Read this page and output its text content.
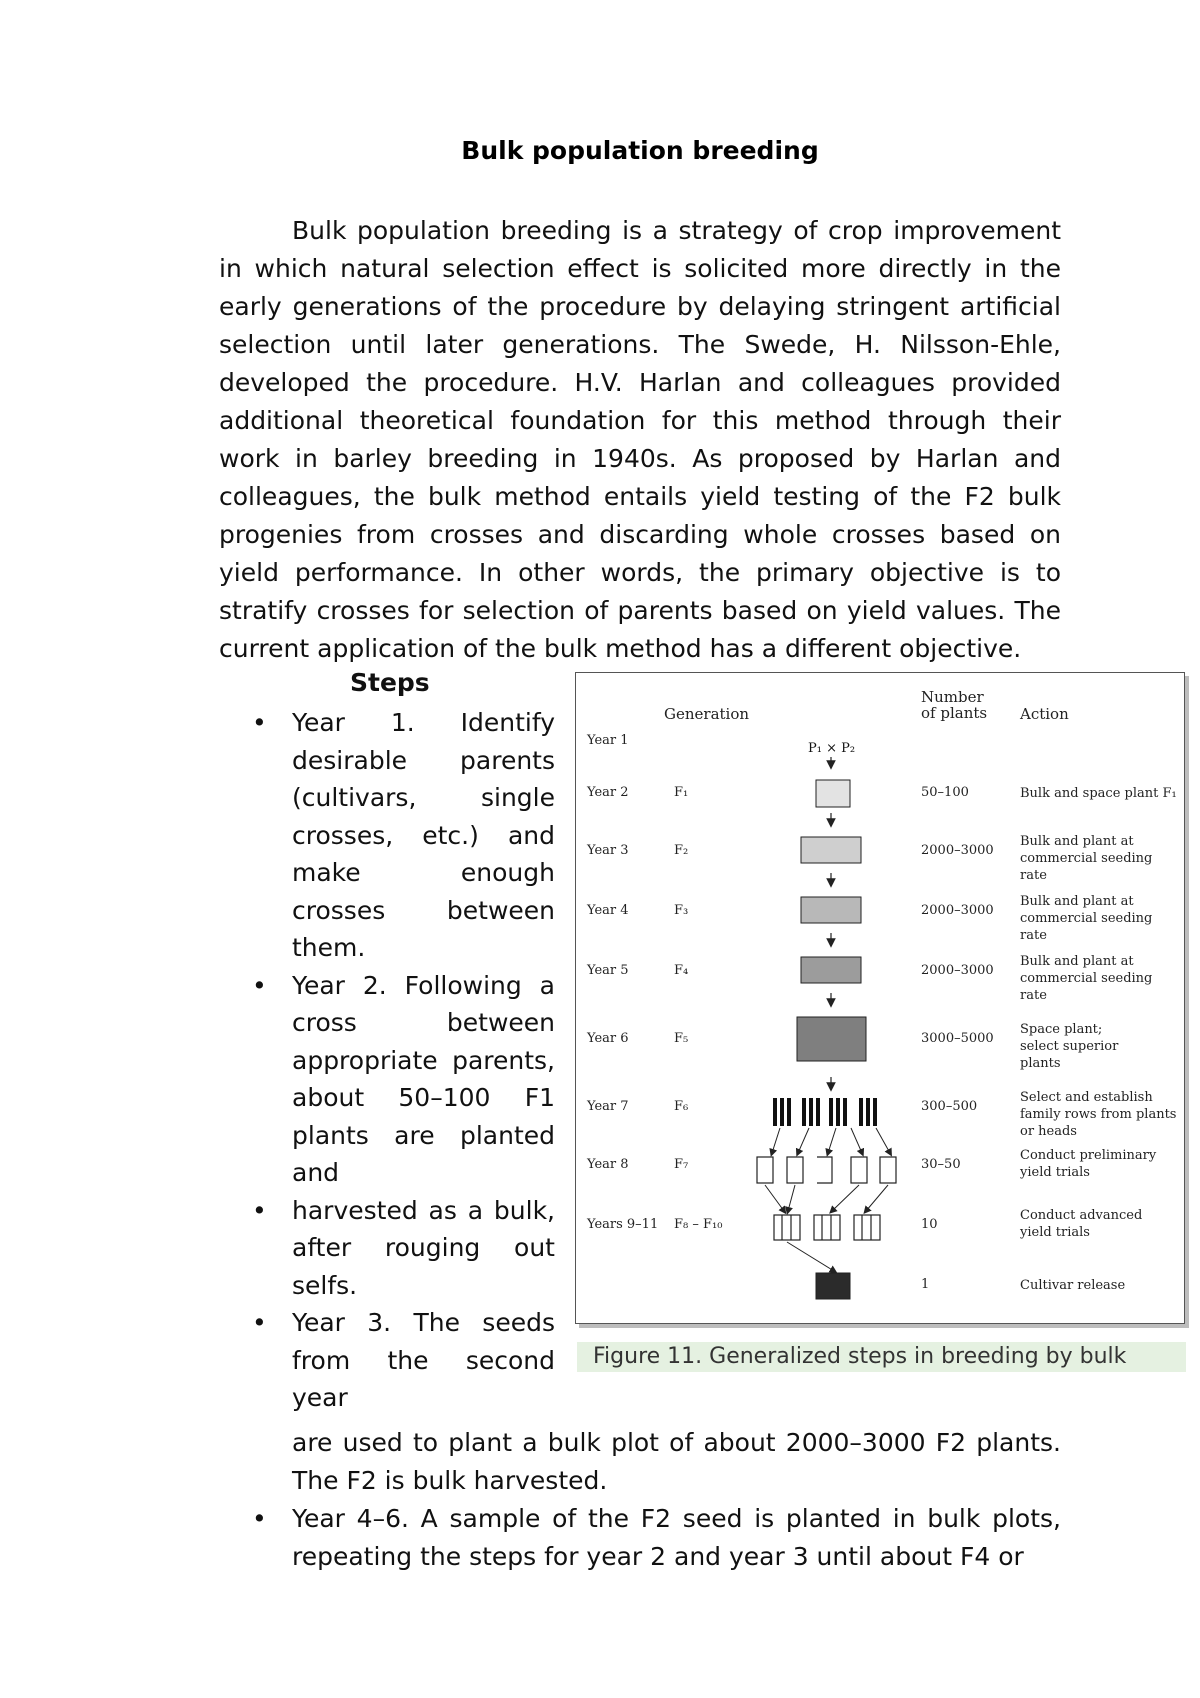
Bulk population breeding

Bulk population breeding is a strategy of crop improvement in which natural selection effect is solicited more directly in the early generations of the procedure by delaying stringent artificial selection until later generations. The Swede, H. Nilsson-Ehle, developed the procedure. H.V. Harlan and colleagues provided additional theoretical foundation for this method through their work in barley breeding in 1940s. As proposed by Harlan and colleagues, the bulk method entails yield testing of the F2 bulk progenies from crosses and discarding whole crosses based on yield performance. In other words, the primary objective is to stratify crosses for selection of parents based on yield values. The current application of the bulk method has a different objective.

Steps
• Year 1. Identify desirable parents (cultivars, single crosses, etc.) and make enough crosses between them.
• Year 2. Following a cross between appropriate parents, about 50–100 F1 plants are planted and
• harvested as a bulk, after rouging out selfs.
• Year 3. The seeds from the second year
are used to plant a bulk plot of about 2000–3000 F2 plants. The F2 is bulk harvested.
• Year 4–6. A sample of the F2 seed is planted in bulk plots, repeating the steps for year 2 and year 3 until about F4 or
Generation
Number of plants Action
P₁ × P₂
Year 1
Year 2	F₁	50–100	Bulk and space plant F₁
Year 3	F₂	2000–3000
Bulk and plant at commercial seeding rate
Year 4	F₃	2000–3000
Bulk and plant at commercial seeding rate
Year 5	F₄	2000–3000
Bulk and plant at commercial seeding rate
Year 6	F₅	3000–5000
Space plant; select superior plants
Year 7	F₆	300–500
Select and establish family rows from plants or heads
Year 8	F₇	30–50
Conduct preliminary yield trials
Years 9–11 F₈ – F₁₀	10
Conduct advanced yield trials
1	Cultivar release
Figure 11. Generalized steps in breeding by bulk
